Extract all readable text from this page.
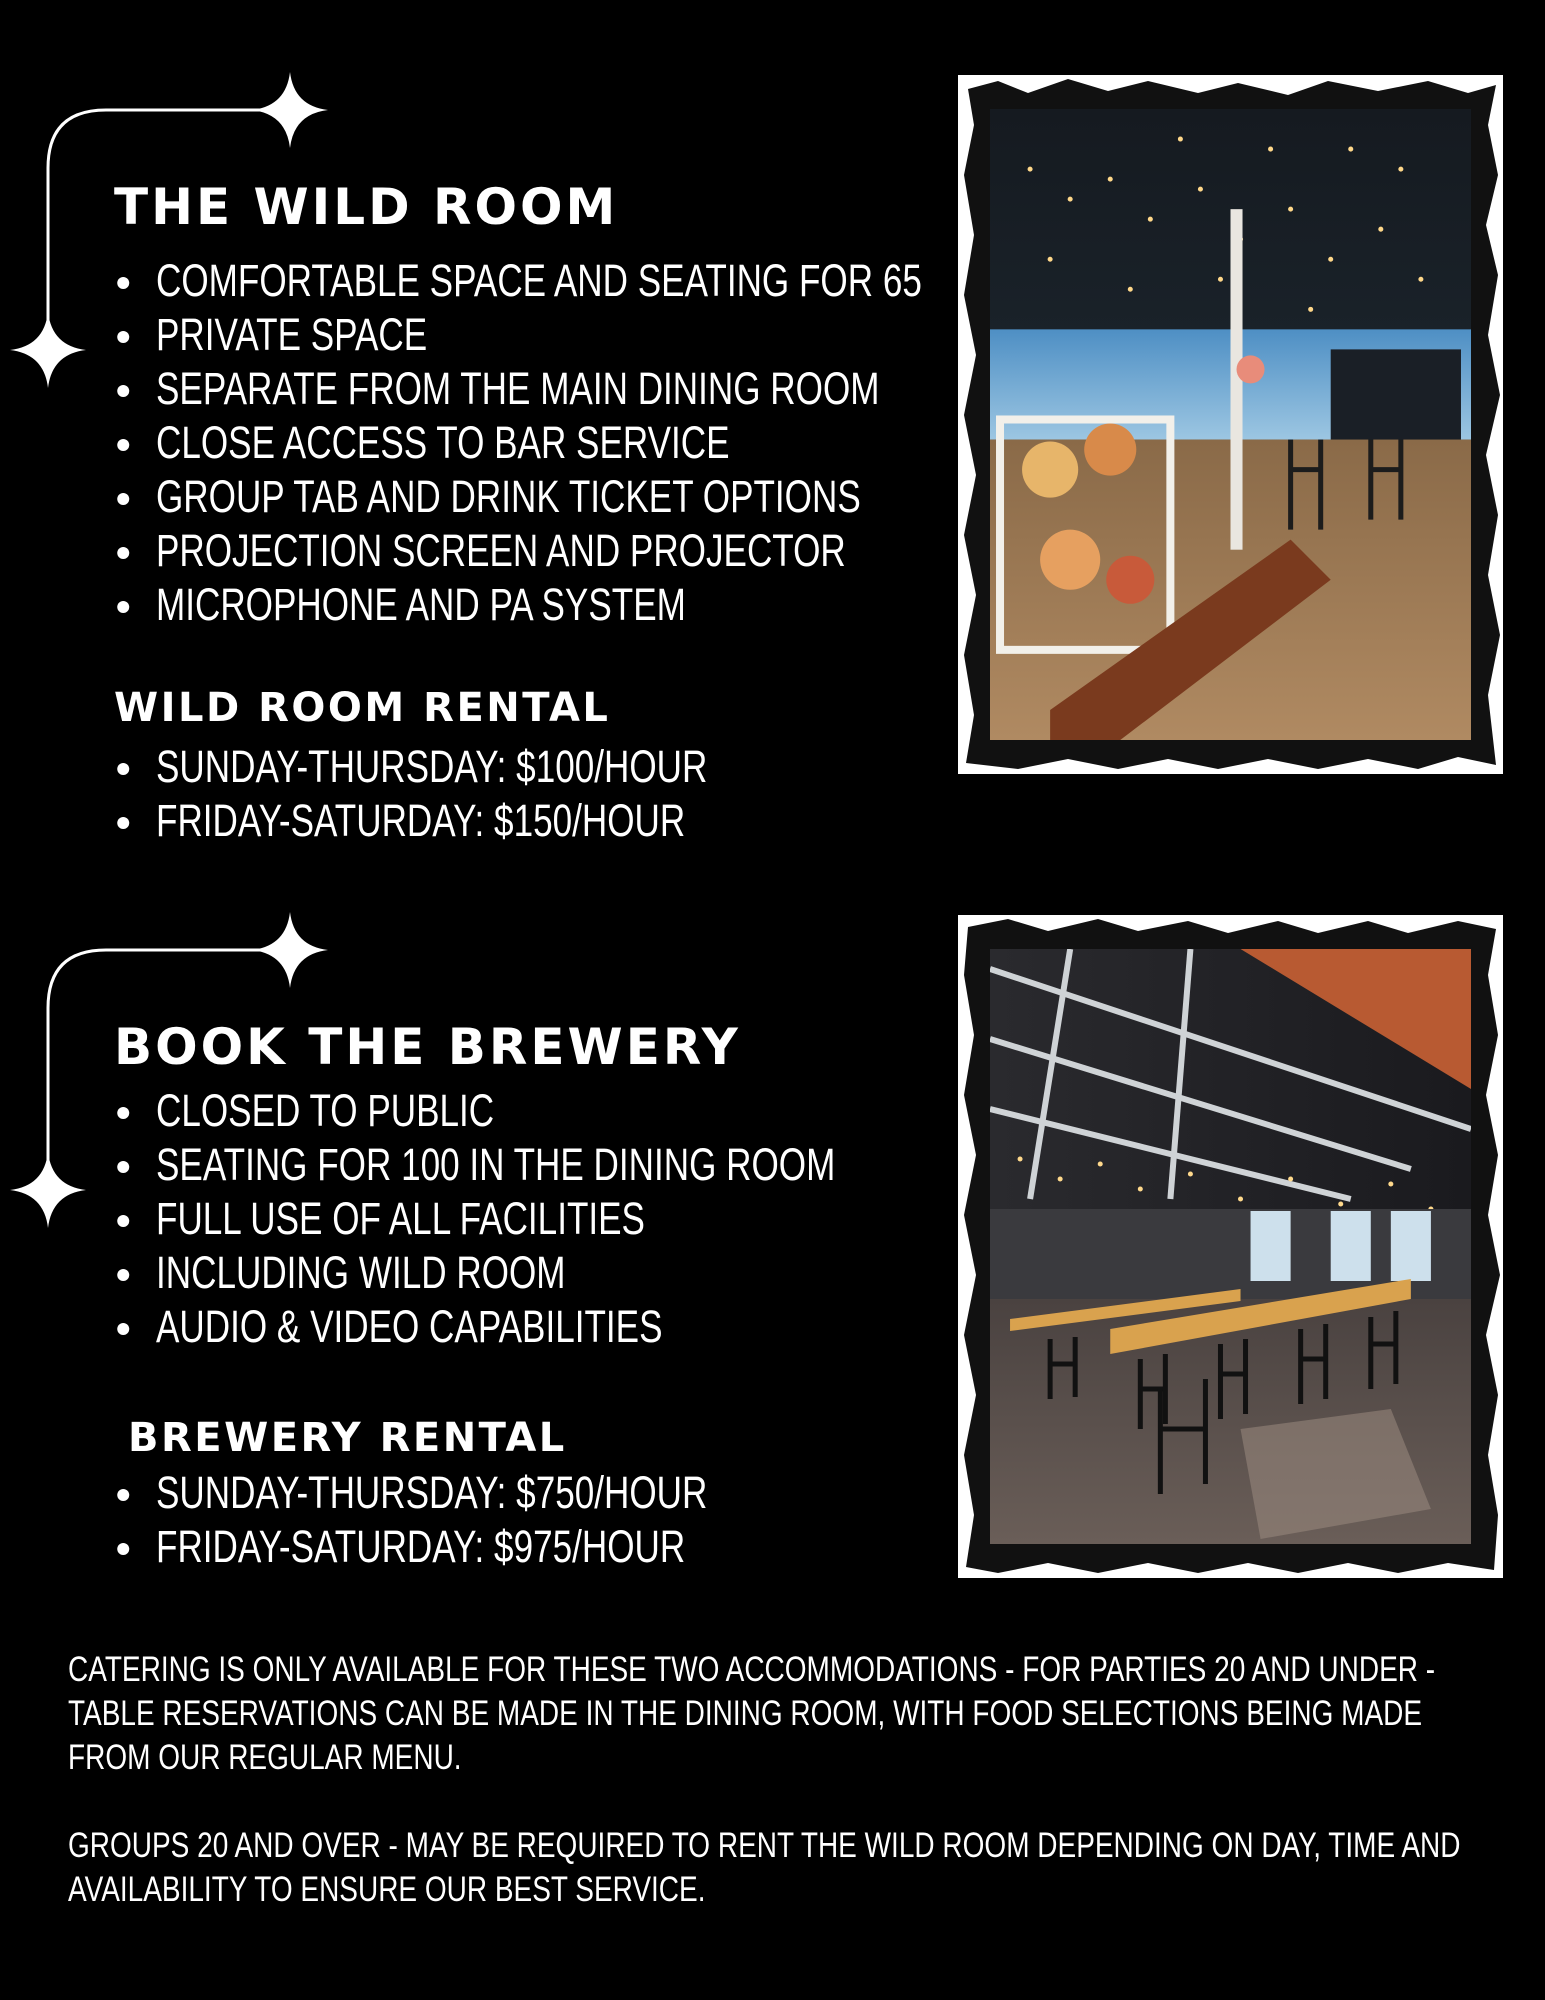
THE WILD ROOM
COMFORTABLE SPACE AND SEATING FOR 65
PRIVATE SPACE
SEPARATE FROM THE MAIN DINING ROOM
CLOSE ACCESS TO BAR SERVICE
GROUP TAB AND DRINK TICKET OPTIONS
PROJECTION SCREEN AND PROJECTOR
MICROPHONE AND PA SYSTEM
WILD ROOM RENTAL
SUNDAY-THURSDAY: $100/HOUR
FRIDAY-SATURDAY: $150/HOUR
BOOK THE BREWERY
CLOSED TO PUBLIC
SEATING FOR 100 IN THE DINING ROOM
FULL USE OF ALL FACILITIES
INCLUDING WILD ROOM
AUDIO & VIDEO CAPABILITIES
BREWERY RENTAL
SUNDAY-THURSDAY: $750/HOUR
FRIDAY-SATURDAY: $975/HOUR

CATERING IS ONLY AVAILABLE FOR THESE TWO ACCOMMODATIONS - FOR PARTIES 20 AND UNDER - TABLE RESERVATIONS CAN BE MADE IN THE DINING ROOM, WITH FOOD SELECTIONS BEING MADE FROM OUR REGULAR MENU.

GROUPS 20 AND OVER - MAY BE REQUIRED TO RENT THE WILD ROOM DEPENDING ON DAY, TIME AND AVAILABILITY TO ENSURE OUR BEST SERVICE.
